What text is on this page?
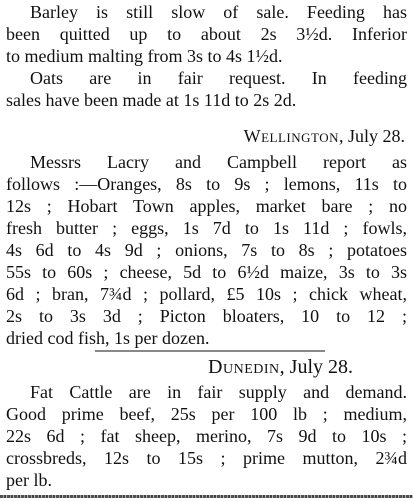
Barley is still slow of sale. Feeding has
been quitted up to about 2s 3½d. Inferior
to medium malting from 3s to 4s 1½d.
Oats are in fair request. In feeding
sales have been made at 1s 11d to 2s 2d.
Wellington, July 28.
Messrs Lacry and Campbell report as
follows :—Oranges, 8s to 9s ; lemons, 11s to
12s ; Hobart Town apples, market bare ; no
fresh butter ; eggs, 1s 7d to 1s 11d ; fowls,
4s 6d to 4s 9d ; onions, 7s to 8s ; potatoes
55s to 60s ; cheese, 5d to 6½d maize, 3s to 3s
6d ; bran, 7¾d ; pollard, £5 10s ; chick wheat,
2s to 3s 3d ; Picton bloaters, 10 to 12 ;
dried cod fish, 1s per dozen.
Dunedin, July 28.
Fat Cattle are in fair supply and demand.
Good prime beef, 25s per 100 lb ; medium,
22s 6d ; fat sheep, merino, 7s 9d to 10s ;
crossbreds, 12s to 15s ; prime mutton, 2¾d
per lb.
